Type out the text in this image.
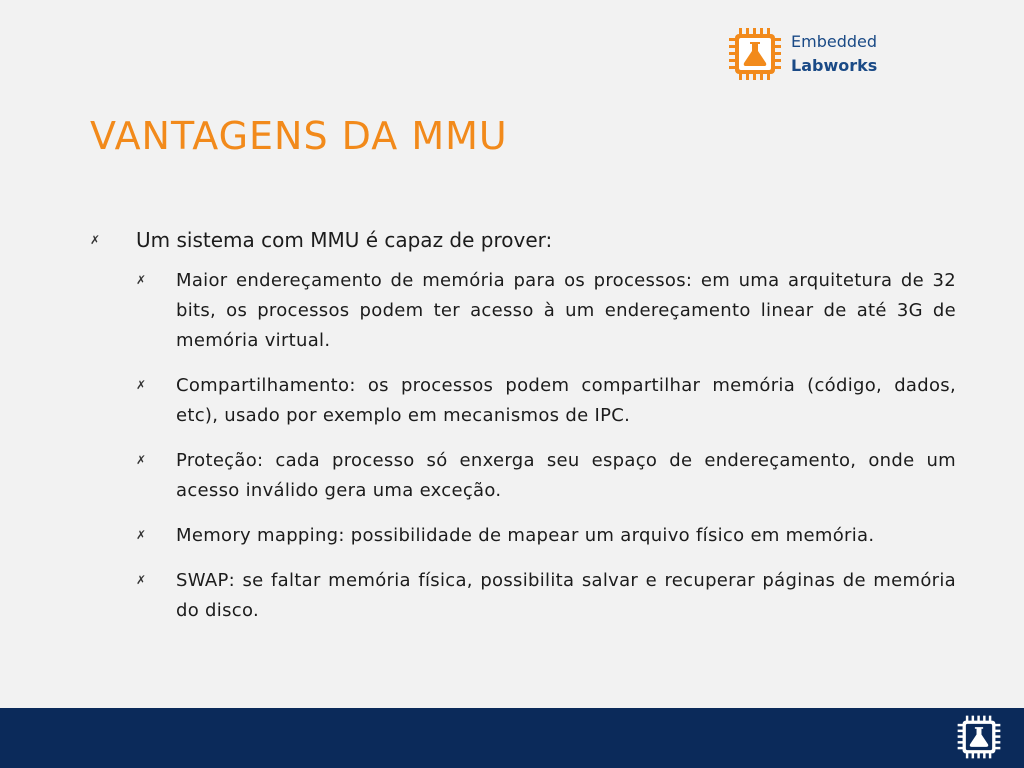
Embedded
Labworks
VANTAGENS DA MMU
✗	Um sistema com MMU é capaz de prover:
✗	Maior endereçamento de memória para os processos: em uma arquitetura de 32 bits, os processos podem ter acesso à um endereçamento linear de até 3G de memória virtual.
✗	Compartilhamento: os processos podem compartilhar memória (código, dados, etc), usado por exemplo em mecanismos de IPC.
✗	Proteção: cada processo só enxerga seu espaço de endereçamento, onde um acesso inválido gera uma exceção.
✗	Memory mapping: possibilidade de mapear um arquivo físico em memória.
✗	SWAP: se faltar memória física, possibilita salvar e recuperar páginas de memória do disco.
